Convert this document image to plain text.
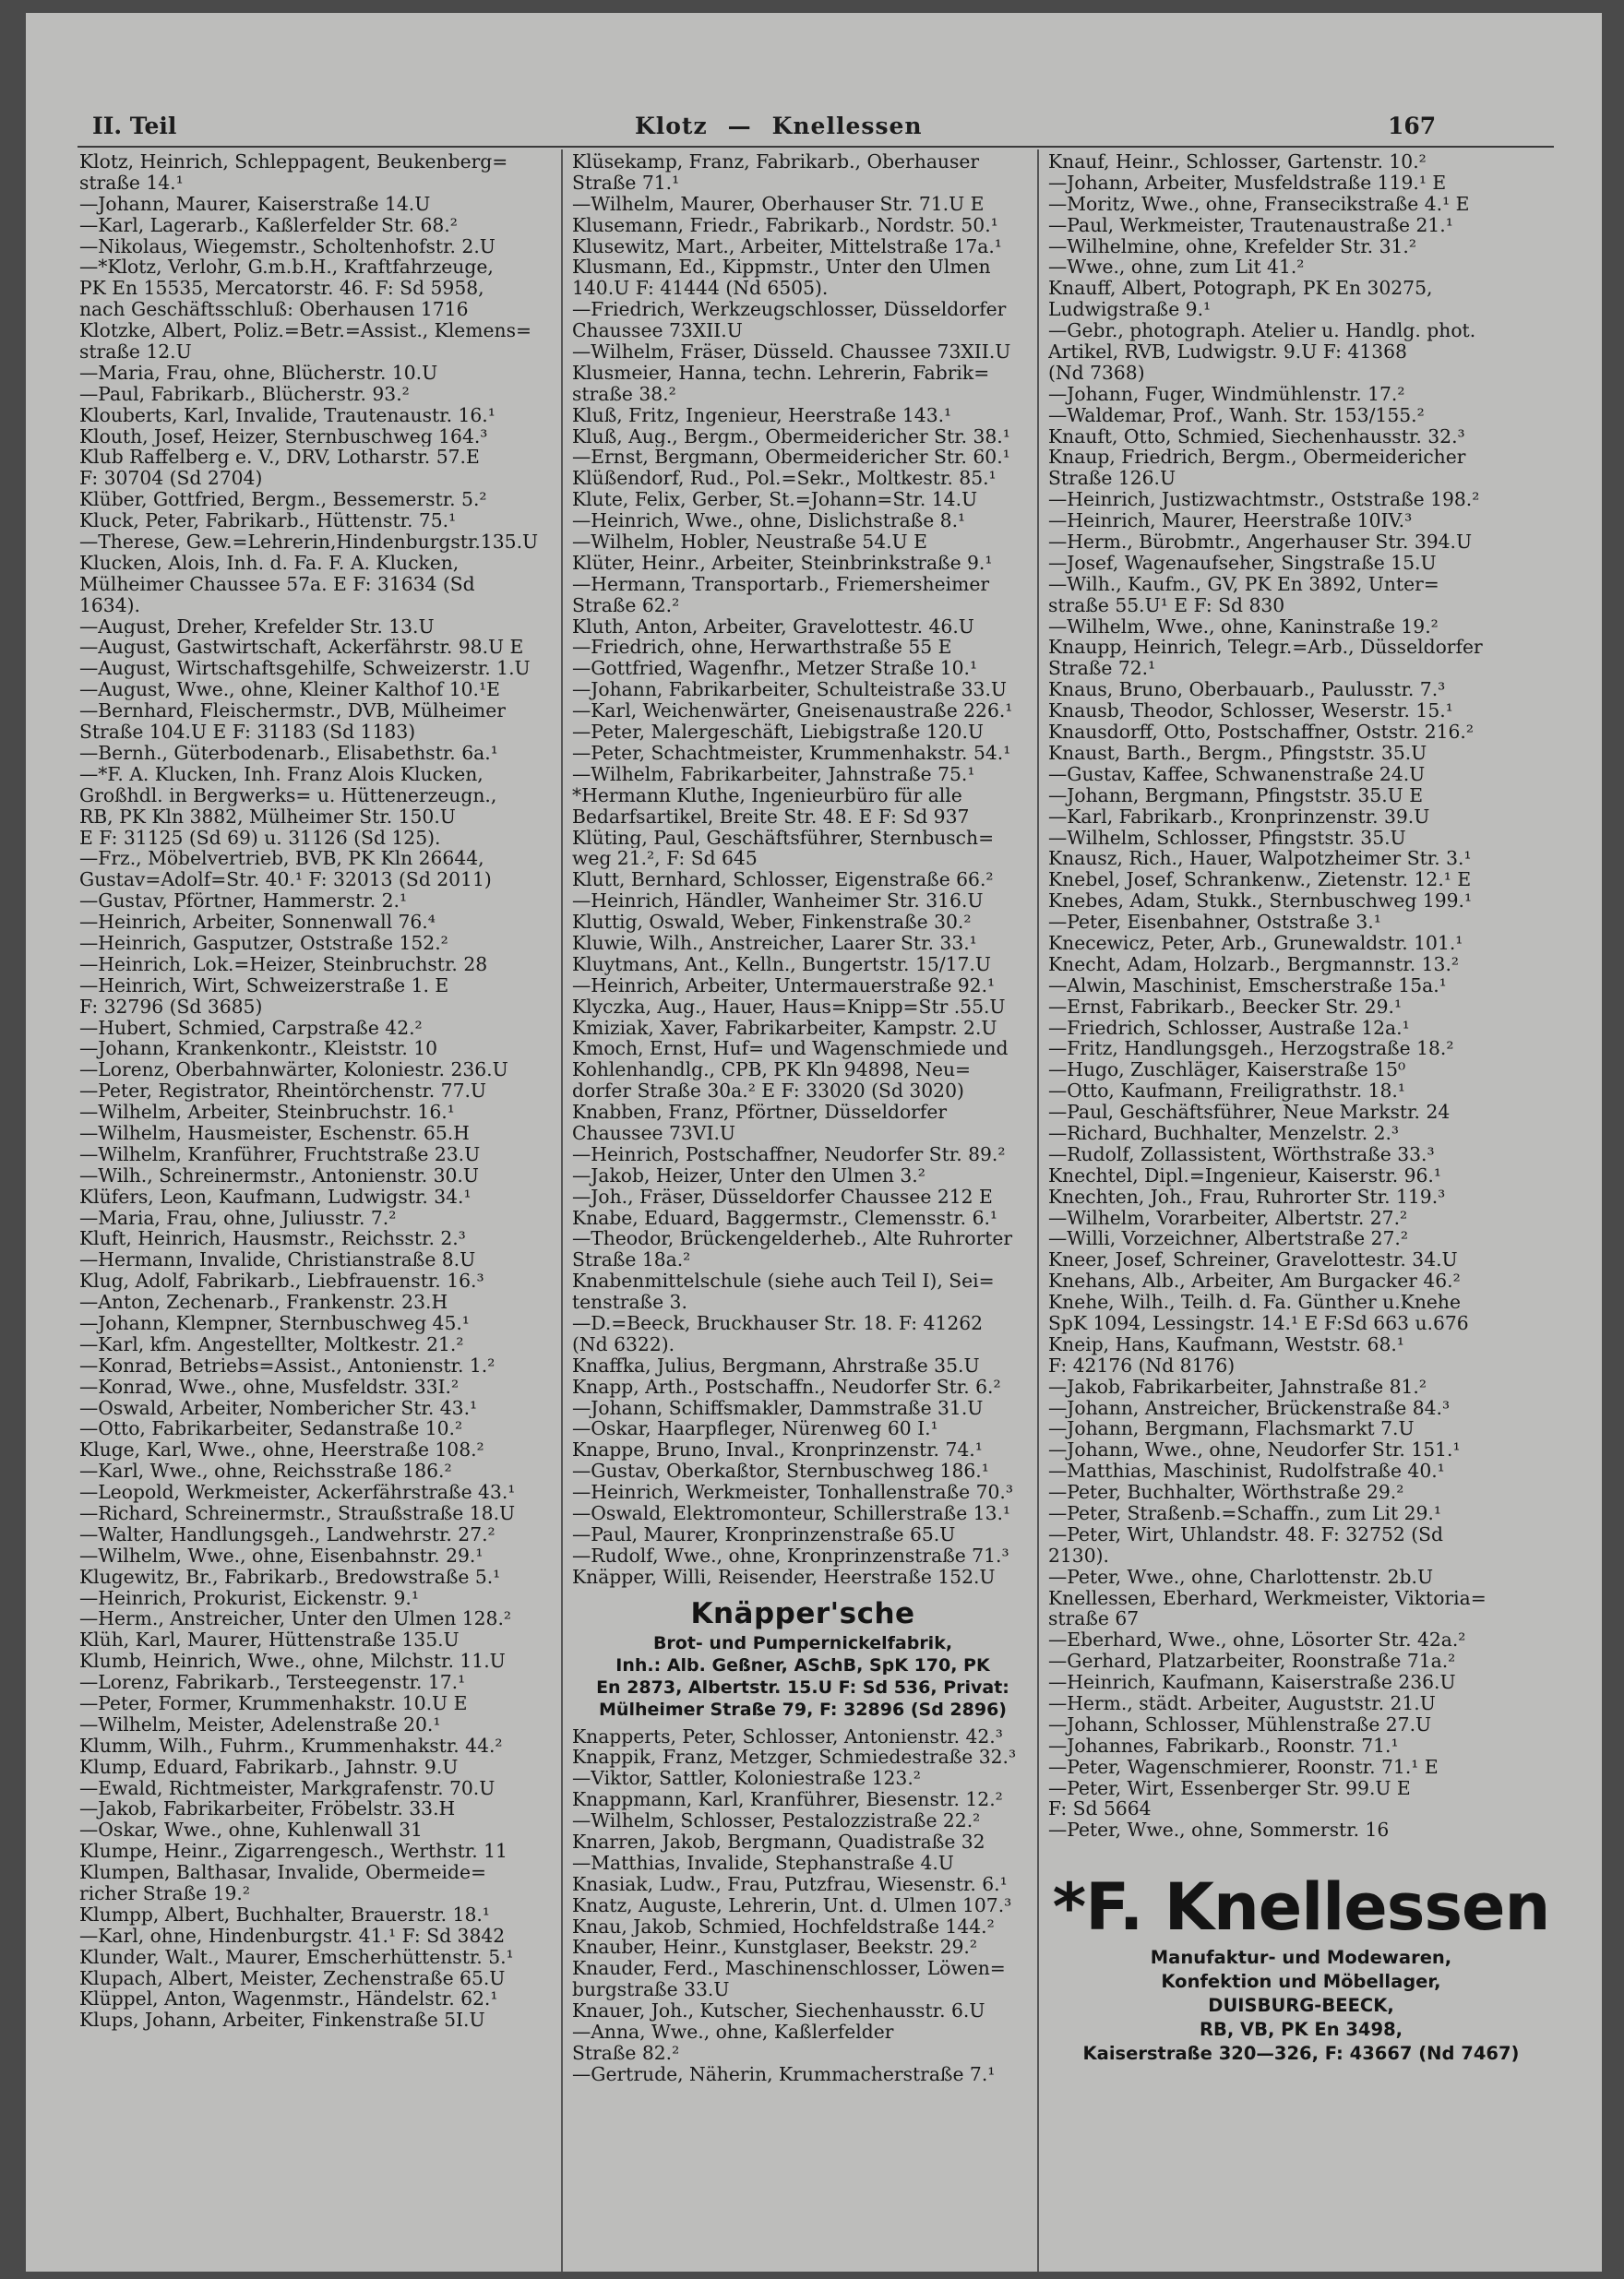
II. Teil	Klotz — Knellessen	167
Klotz, Heinrich, Schleppagent, Beukenberg=
straße 14.¹
—Johann, Maurer, Kaiserstraße 14.U
—Karl, Lagerarb., Kaßlerfelder Str. 68.²
—Nikolaus, Wiegemstr., Scholtenhofstr. 2.U
—*Klotz, Verlohr, G.m.b.H., Kraftfahrzeuge,
PK En 15535, Mercatorstr. 46. F: Sd 5958,
nach Geschäftsschluß: Oberhausen 1716
Klotzke, Albert, Poliz.=Betr.=Assist., Klemens=
straße 12.U
—Maria, Frau, ohne, Blücherstr. 10.U
—Paul, Fabrikarb., Blücherstr. 93.²
Klouberts, Karl, Invalide, Trautenaustr. 16.¹
Klouth, Josef, Heizer, Sternbuschweg 164.³
Klub Raffelberg e. V., DRV, Lotharstr. 57.E
F: 30704 (Sd 2704)
Klüber, Gottfried, Bergm., Bessemerstr. 5.²
Kluck, Peter, Fabrikarb., Hüttenstr. 75.¹
—Therese, Gew.=Lehrerin,Hindenburgstr.135.U
Klucken, Alois, Inh. d. Fa. F. A. Klucken,
Mülheimer Chaussee 57a. E F: 31634 (Sd
1634).
—August, Dreher, Krefelder Str. 13.U
—August, Gastwirtschaft, Ackerfährstr. 98.U E
—August, Wirtschaftsgehilfe, Schweizerstr. 1.U
—August, Wwe., ohne, Kleiner Kalthof 10.¹E
—Bernhard, Fleischermstr., DVB, Mülheimer
Straße 104.U E F: 31183 (Sd 1183)
—Bernh., Güterbodenarb., Elisabethstr. 6a.¹
—*F. A. Klucken, Inh. Franz Alois Klucken,
Großhdl. in Bergwerks= u. Hüttenerzeugn.,
RB, PK Kln 3882, Mülheimer Str. 150.U
E F: 31125 (Sd 69) u. 31126 (Sd 125).
—Frz., Möbelvertrieb, BVB, PK Kln 26644,
Gustav=Adolf=Str. 40.¹ F: 32013 (Sd 2011)
—Gustav, Pförtner, Hammerstr. 2.¹
—Heinrich, Arbeiter, Sonnenwall 76.⁴
—Heinrich, Gasputzer, Oststraße 152.²
—Heinrich, Lok.=Heizer, Steinbruchstr. 28
—Heinrich, Wirt, Schweizerstraße 1. E
F: 32796 (Sd 3685)
—Hubert, Schmied, Carpstraße 42.²
—Johann, Krankenkontr., Kleiststr. 10
—Lorenz, Oberbahnwärter, Koloniestr. 236.U
—Peter, Registrator, Rheintörchenstr. 77.U
—Wilhelm, Arbeiter, Steinbruchstr. 16.¹
—Wilhelm, Hausmeister, Eschenstr. 65.H
—Wilhelm, Kranführer, Fruchtstraße 23.U
—Wilh., Schreinermstr., Antonienstr. 30.U
Klüfers, Leon, Kaufmann, Ludwigstr. 34.¹
—Maria, Frau, ohne, Juliusstr. 7.²
Kluft, Heinrich, Hausmstr., Reichsstr. 2.³
—Hermann, Invalide, Christianstraße 8.U
Klug, Adolf, Fabrikarb., Liebfrauenstr. 16.³
—Anton, Zechenarb., Frankenstr. 23.H
—Johann, Klempner, Sternbuschweg 45.¹
—Karl, kfm. Angestellter, Moltkestr. 21.²
—Konrad, Betriebs=Assist., Antonienstr. 1.²
—Konrad, Wwe., ohne, Musfeldstr. 33I.²
—Oswald, Arbeiter, Nombericher Str. 43.¹
—Otto, Fabrikarbeiter, Sedanstraße 10.²
Kluge, Karl, Wwe., ohne, Heerstraße 108.²
—Karl, Wwe., ohne, Reichsstraße 186.²
—Leopold, Werkmeister, Ackerfährstraße 43.¹
—Richard, Schreinermstr., Straußstraße 18.U
—Walter, Handlungsgeh., Landwehrstr. 27.²
—Wilhelm, Wwe., ohne, Eisenbahnstr. 29.¹
Klugewitz, Br., Fabrikarb., Bredowstraße 5.¹
—Heinrich, Prokurist, Eickenstr. 9.¹
—Herm., Anstreicher, Unter den Ulmen 128.²
Klüh, Karl, Maurer, Hüttenstraße 135.U
Klumb, Heinrich, Wwe., ohne, Milchstr. 11.U
—Lorenz, Fabrikarb., Tersteegenstr. 17.¹
—Peter, Former, Krummenhakstr. 10.U E
—Wilhelm, Meister, Adelenstraße 20.¹
Klumm, Wilh., Fuhrm., Krummenhakstr. 44.²
Klump, Eduard, Fabrikarb., Jahnstr. 9.U
—Ewald, Richtmeister, Markgrafenstr. 70.U
—Jakob, Fabrikarbeiter, Fröbelstr. 33.H
—Oskar, Wwe., ohne, Kuhlenwall 31
Klumpe, Heinr., Zigarrengesch., Werthstr. 11
Klumpen, Balthasar, Invalide, Obermeide=
richer Straße 19.²
Klumpp, Albert, Buchhalter, Brauerstr. 18.¹
—Karl, ohne, Hindenburgstr. 41.¹ F: Sd 3842
Klunder, Walt., Maurer, Emscherhüttenstr. 5.¹
Klupach, Albert, Meister, Zechenstraße 65.U
Klüppel, Anton, Wagenmstr., Händelstr. 62.¹
Klups, Johann, Arbeiter, Finkenstraße 5I.U
Klüsekamp, Franz, Fabrikarb., Oberhauser
Straße 71.¹
—Wilhelm, Maurer, Oberhauser Str. 71.U E
Klusemann, Friedr., Fabrikarb., Nordstr. 50.¹
Klusewitz, Mart., Arbeiter, Mittelstraße 17a.¹
Klusmann, Ed., Kippmstr., Unter den Ulmen
140.U F: 41444 (Nd 6505).
—Friedrich, Werkzeugschlosser, Düsseldorfer
Chaussee 73XII.U
—Wilhelm, Fräser, Düsseld. Chaussee 73XII.U
Klusmeier, Hanna, techn. Lehrerin, Fabrik=
straße 38.²
Kluß, Fritz, Ingenieur, Heerstraße 143.¹
Kluß, Aug., Bergm., Obermeidericher Str. 38.¹
—Ernst, Bergmann, Obermeidericher Str. 60.¹
Klüßendorf, Rud., Pol.=Sekr., Moltkestr. 85.¹
Klute, Felix, Gerber, St.=Johann=Str. 14.U
—Heinrich, Wwe., ohne, Dislichstraße 8.¹
—Wilhelm, Hobler, Neustraße 54.U E
Klüter, Heinr., Arbeiter, Steinbrinkstraße 9.¹
—Hermann, Transportarb., Friemersheimer
Straße 62.²
Kluth, Anton, Arbeiter, Gravelottestr. 46.U
—Friedrich, ohne, Herwarthstraße 55 E
—Gottfried, Wagenfhr., Metzer Straße 10.¹
—Johann, Fabrikarbeiter, Schulteistraße 33.U
—Karl, Weichenwärter, Gneisenaustraße 226.¹
—Peter, Malergeschäft, Liebigstraße 120.U
—Peter, Schachtmeister, Krummenhakstr. 54.¹
—Wilhelm, Fabrikarbeiter, Jahnstraße 75.¹
*Hermann Kluthe, Ingenieurbüro für alle
Bedarfsartikel, Breite Str. 48. E F: Sd 937
Klüting, Paul, Geschäftsführer, Sternbusch=
weg 21.², F: Sd 645
Klutt, Bernhard, Schlosser, Eigenstraße 66.²
—Heinrich, Händler, Wanheimer Str. 316.U
Kluttig, Oswald, Weber, Finkenstraße 30.²
Kluwie, Wilh., Anstreicher, Laarer Str. 33.¹
Kluytmans, Ant., Kelln., Bungertstr. 15/17.U
—Heinrich, Arbeiter, Untermauerstraße 92.¹
Klyczka, Aug., Hauer, Haus=Knipp=Str .55.U
Kmiziak, Xaver, Fabrikarbeiter, Kampstr. 2.U
Kmoch, Ernst, Huf= und Wagenschmiede und
Kohlenhandlg., CPB, PK Kln 94898, Neu=
dorfer Straße 30a.² E F: 33020 (Sd 3020)
Knabben, Franz, Pförtner, Düsseldorfer
Chaussee 73VI.U
—Heinrich, Postschaffner, Neudorfer Str. 89.²
—Jakob, Heizer, Unter den Ulmen 3.²
—Joh., Fräser, Düsseldorfer Chaussee 212 E
Knabe, Eduard, Baggermstr., Clemensstr. 6.¹
—Theodor, Brückengelderheb., Alte Ruhrorter
Straße 18a.²
Knabenmittelschule (siehe auch Teil I), Sei=
tenstraße 3.
—D.=Beeck, Bruckhauser Str. 18. F: 41262
(Nd 6322).
Knaffka, Julius, Bergmann, Ahrstraße 35.U
Knapp, Arth., Postschaffn., Neudorfer Str. 6.²
—Johann, Schiffsmakler, Dammstraße 31.U
—Oskar, Haarpfleger, Nürenweg 60 I.¹
Knappe, Bruno, Inval., Kronprinzenstr. 74.¹
—Gustav, Oberkaßtor, Sternbuschweg 186.¹
—Heinrich, Werkmeister, Tonhallenstraße 70.³
—Oswald, Elektromonteur, Schillerstraße 13.¹
—Paul, Maurer, Kronprinzenstraße 65.U
—Rudolf, Wwe., ohne, Kronprinzenstraße 71.³
Knäpper, Willi, Reisender, Heerstraße 152.U
Knäpper'sche
Brot- und Pumpernickelfabrik,
Inh.: Alb. Geßner, ASchB, SpK 170, PK
En 2873, Albertstr. 15.U F: Sd 536, Privat:
Mülheimer Straße 79, F: 32896 (Sd 2896)
Knapperts, Peter, Schlosser, Antonienstr. 42.³
Knappik, Franz, Metzger, Schmiedestraße 32.³
—Viktor, Sattler, Koloniestraße 123.²
Knappmann, Karl, Kranführer, Biesenstr. 12.²
—Wilhelm, Schlosser, Pestalozzistraße 22.²
Knarren, Jakob, Bergmann, Quadistraße 32
—Matthias, Invalide, Stephanstraße 4.U
Knasiak, Ludw., Frau, Putzfrau, Wiesenstr. 6.¹
Knatz, Auguste, Lehrerin, Unt. d. Ulmen 107.³
Knau, Jakob, Schmied, Hochfeldstraße 144.²
Knauber, Heinr., Kunstglaser, Beekstr. 29.²
Knauder, Ferd., Maschinenschlosser, Löwen=
burgstraße 33.U
Knauer, Joh., Kutscher, Siechenhausstr. 6.U
—Anna, Wwe., ohne, Kaßlerfelder
Straße 82.²
—Gertrude, Näherin, Krummacherstraße 7.¹
Knauf, Heinr., Schlosser, Gartenstr. 10.²
—Johann, Arbeiter, Musfeldstraße 119.¹ E
—Moritz, Wwe., ohne, Fransecikstraße 4.¹ E
—Paul, Werkmeister, Trautenaustraße 21.¹
—Wilhelmine, ohne, Krefelder Str. 31.²
—Wwe., ohne, zum Lit 41.²
Knauff, Albert, Potograph, PK En 30275,
Ludwigstraße 9.¹
—Gebr., photograph. Atelier u. Handlg. phot.
Artikel, RVB, Ludwigstr. 9.U F: 41368
(Nd 7368)
—Johann, Fuger, Windmühlenstr. 17.²
—Waldemar, Prof., Wanh. Str. 153/155.²
Knauft, Otto, Schmied, Siechenhausstr. 32.³
Knaup, Friedrich, Bergm., Obermeidericher
Straße 126.U
—Heinrich, Justizwachtmstr., Oststraße 198.²
—Heinrich, Maurer, Heerstraße 10IV.³
—Herm., Bürobmtr., Angerhauser Str. 394.U
—Josef, Wagenaufseher, Singstraße 15.U
—Wilh., Kaufm., GV, PK En 3892, Unter=
straße 55.U¹ E F: Sd 830
—Wilhelm, Wwe., ohne, Kaninstraße 19.²
Knaupp, Heinrich, Telegr.=Arb., Düsseldorfer
Straße 72.¹
Knaus, Bruno, Oberbauarb., Paulusstr. 7.³
Knausb, Theodor, Schlosser, Weserstr. 15.¹
Knausdorff, Otto, Postschaffner, Oststr. 216.²
Knaust, Barth., Bergm., Pfingststr. 35.U
—Gustav, Kaffee, Schwanenstraße 24.U
—Johann, Bergmann, Pfingststr. 35.U E
—Karl, Fabrikarb., Kronprinzenstr. 39.U
—Wilhelm, Schlosser, Pfingststr. 35.U
Knausz, Rich., Hauer, Walpotzheimer Str. 3.¹
Knebel, Josef, Schrankenw., Zietenstr. 12.¹ E
Knebes, Adam, Stukk., Sternbuschweg 199.¹
—Peter, Eisenbahner, Oststraße 3.¹
Knecewicz, Peter, Arb., Grunewaldstr. 101.¹
Knecht, Adam, Holzarb., Bergmannstr. 13.²
—Alwin, Maschinist, Emscherstraße 15a.¹
—Ernst, Fabrikarb., Beecker Str. 29.¹
—Friedrich, Schlosser, Austraße 12a.¹
—Fritz, Handlungsgeh., Herzogstraße 18.²
—Hugo, Zuschläger, Kaiserstraße 15⁰
—Otto, Kaufmann, Freiligrathstr. 18.¹
—Paul, Geschäftsführer, Neue Markstr. 24
—Richard, Buchhalter, Menzelstr. 2.³
—Rudolf, Zollassistent, Wörthstraße 33.³
Knechtel, Dipl.=Ingenieur, Kaiserstr. 96.¹
Knechten, Joh., Frau, Ruhrorter Str. 119.³
—Wilhelm, Vorarbeiter, Albertstr. 27.²
—Willi, Vorzeichner, Albertstraße 27.²
Kneer, Josef, Schreiner, Gravelottestr. 34.U
Knehans, Alb., Arbeiter, Am Burgacker 46.²
Knehe, Wilh., Teilh. d. Fa. Günther u.Knehe
SpK 1094, Lessingstr. 14.¹ E F:Sd 663 u.676
Kneip, Hans, Kaufmann, Weststr. 68.¹
F: 42176 (Nd 8176)
—Jakob, Fabrikarbeiter, Jahnstraße 81.²
—Johann, Anstreicher, Brückenstraße 84.³
—Johann, Bergmann, Flachsmarkt 7.U
—Johann, Wwe., ohne, Neudorfer Str. 151.¹
—Matthias, Maschinist, Rudolfstraße 40.¹
—Peter, Buchhalter, Wörthstraße 29.²
—Peter, Straßenb.=Schaffn., zum Lit 29.¹
—Peter, Wirt, Uhlandstr. 48. F: 32752 (Sd
2130).
—Peter, Wwe., ohne, Charlottenstr. 2b.U
Knellessen, Eberhard, Werkmeister, Viktoria=
straße 67
—Eberhard, Wwe., ohne, Lösorter Str. 42a.²
—Gerhard, Platzarbeiter, Roonstraße 71a.²
—Heinrich, Kaufmann, Kaiserstraße 236.U
—Herm., städt. Arbeiter, Auguststr. 21.U
—Johann, Schlosser, Mühlenstraße 27.U
—Johannes, Fabrikarb., Roonstr. 71.¹
—Peter, Wagenschmierer, Roonstr. 71.¹ E
—Peter, Wirt, Essenberger Str. 99.U E
F: Sd 5664
—Peter, Wwe., ohne, Sommerstr. 16
*F. Knellessen
Manufaktur- und Modewaren,
Konfektion und Möbellager,
DUISBURG-BEECK,
RB, VB, PK En 3498,
Kaiserstraße 320—326, F: 43667 (Nd 7467)
